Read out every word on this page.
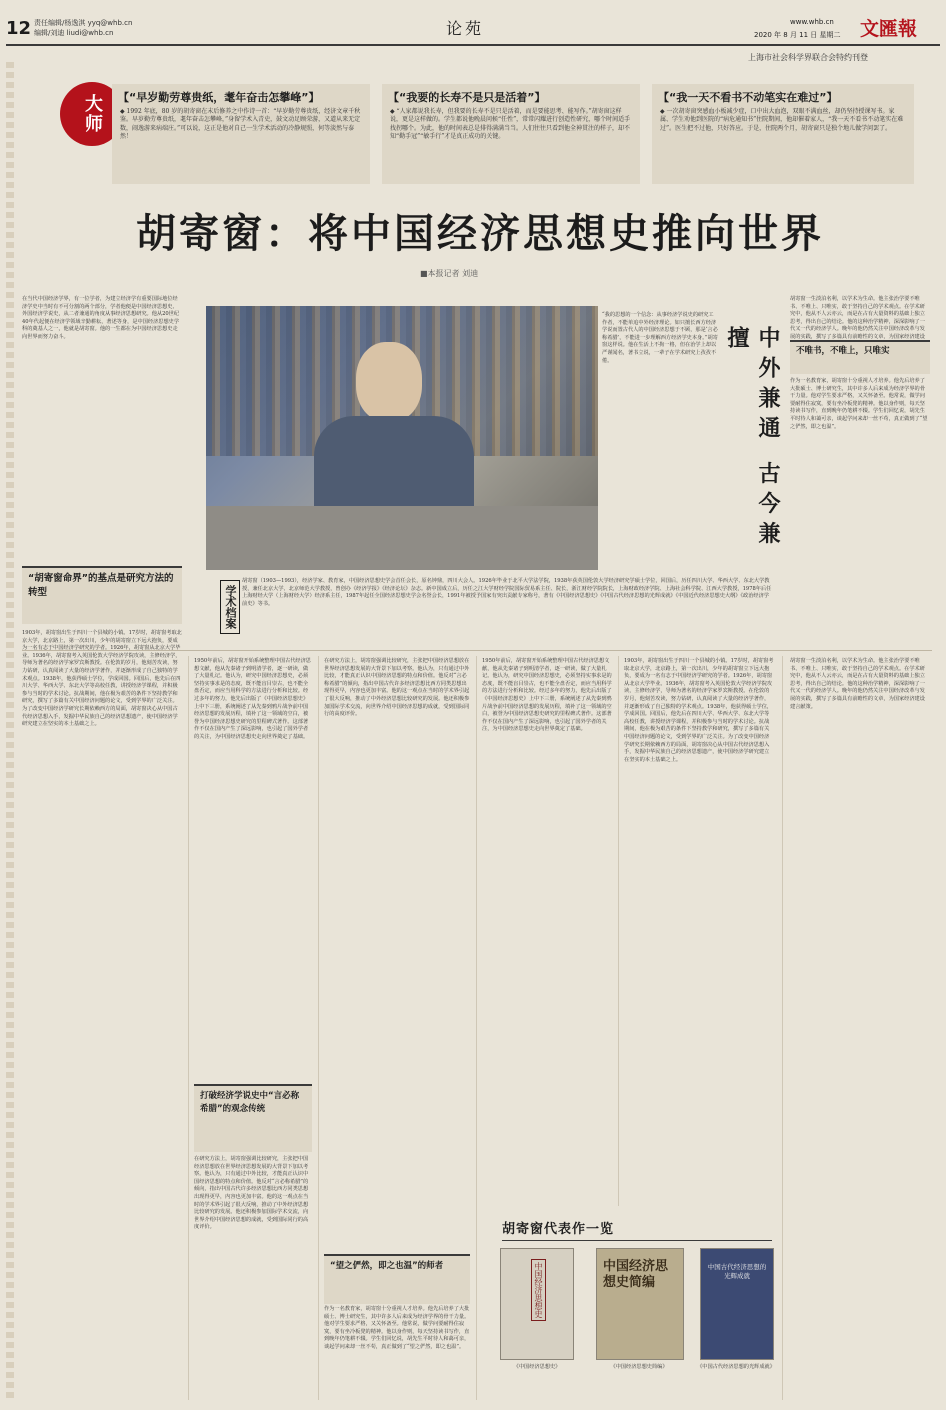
12 责任编辑/杨逸淇 yyq@whb.cn
编辑/刘迪 liudi@whb.cn	论苑	www.whb.cn
2020 年 8 月 11 日 星期二 文匯報
上海市社会科学界联合会特约刊登
大师	【“早岁勤劳尊贵纸，耄年奋击怎攀峰”】
◆ 1992 年底，80 岁的胡寄窗在末后修养之中作诗一首：“早岁勤劳尊贵纸，经济文章千秋鉴。早岁勤劳尊贵纸，耄年奋击怎攀峰，”身留学术入青史，鼓文动足顾荣游，又道从来无定数，闹逸游来病端庄。”可以说，这正是他对自己一生学术活动的冷静规照，何等淡然与泰然！
【“我要的长寿不是只是活着”】
◆ “人家都说我长寿，但我要的长寿不是只是活着，而是要能思考、能写作。”胡寄窗这样说，更是这样做的。学生都说他晚晨问候“任性”，常常闪耀进行创造性研究，哪个时间适手找拐哪个。为此，他的时间表总是排得满满当当。人们往往只看到他全神贯注的样子，却不知“勤手冠”“敏手行”才是真正成功的关键。
【“我一天不看书不动笔实在难过”】
◆ 一次胡寄窗突感血小板减少症，口中出大血泡，双眼不满血丝，却仍坚持授课写书。家属、学生劝他到医院的“病危通知书”住院期间，他却催着家人，“我一天不看书不动笔实在难过”。医生把不过他，只好答应。于是，住院两个月，胡寄窗只是独个地儿做学问罢了。
胡寄窗：将中国经济思想史推向世界
■本报记者 刘迪
在当代中国经济学界，有一位学者，为建立经济学有重要国际地位经济学史中当时有不可分割的两个部分，学者他便是中国经济思想史、外国经济学说史，从二者兼通的角度从事经济思想研究。他从20世纪40年代起便在经济学领域辛勤耕耘，著述等身，是中国经济思想史学科的奠基人之一，他就是胡寄窗。他的一生都在为中国经济思想史走向世界而努力奋斗。
“胡寄窗命界”的基点是研究方法的转型
“我的思想的一个信念：从事经济学说史的研究工作者，不能单追中外经济理论。如只擅长西方经济学说而置古代人的中国经济思想于不顾，那是‘言必称希腊’，不能进一步理解西方经济学史本身。”胡寄窗这样说。他在生活上不拘一格，但在治学上却以严谨闻名，著书立说，一辈子在学术研究上孜孜不倦。	中外兼通 古今兼擅
学术档案
胡寄窗（1903—1993），经济学家、教育家，中国经济思想史学会首任会长，原名钟鼎，四川大会人。1926年毕业于北平大学法学院，1938年获英国伦敦大学经济研究学硕士学位，回国后，历任四川大学、华西大学、东北大学教授，兼任北京大学、北京师范大学教授，曾创办《经济学报》《经济论坛》杂志。新中国成立后，历任之江大学财经学院国际贸易系主任、院长，浙江财经学院院长，上海财政经济学院、上海社会科学院、江西大学教授，1978年后任上海财经大学（上海财经大学）经济系主任，1987年起任全国经济思想史学会名誉会长，1991年被授予国家有突出贡献专家称号，著有《中国经济思想史》《中国古代经济思想的光辉成就》《中国近代经济思想史大纲》《政治经济学前史》等书。
胡寄窗一生淡泊名利，以学术为生命。他主张治学要不唯书、不唯上、只唯实，敢于坚持自己的学术观点。在学术研究中，他从不人云亦云，而是在占有大量资料的基础上独立思考，得出自己的结论。他的这种治学精神，深深影响了一代又一代的经济学人。晚年的他仍然关注中国经济改革与发展的实践，撰写了多篇具有前瞻性的文章，为国家经济建设
不唯书，不唯上，只唯实
作为一名教育家，胡寄窗十分重视人才培养。他先后培养了大批硕士、博士研究生，其中许多人后来成为经济学界的骨干力量。他对学生要求严格，又关怀备至。他常说，做学问要耐得住寂寞，要有坐冷板凳的精神。他以身作则，每天坚持读书写作，直到晚年仍笔耕不辍。学生们回忆说，胡先生平时待人和蔼可亲，谈起学问来却一丝不苟，真正做到了“望之俨然，即之也温”。
1903年，胡寄窗出生于四川一个县城的小镇。17岁时，胡寄窗考取北京大学，北京路上，第一次出川，少年的胡寄窗立下远大抱负，要成为一名有志于中国经济学研究的学者。1926年，胡寄窗从北京大学毕业。1936年，胡寄窗考入英国伦敦大学经济学院攻读，主修经济学，导师为著名的经济学家罗宾斯教授。在伦敦的岁月，他刻苦攻读，努力钻研，认真阅读了大量的经济学著作，并逐渐形成了自己独特的学术观点。1938年，他获得硕士学位，学成回国。回国后，他先后在四川大学、华西大学、东北大学等高校任教，讲授经济学课程，并积极参与当时的学术讨论。抗战期间，他在极为艰苦的条件下坚持教学和研究，撰写了多篇有关中国经济问题的论文，受到学界的广泛关注。为了改变中国经济学研究长期依赖西方的局面，胡寄窗决心从中国古代经济思想入手，发掘中华民族自己的经济思想遗产，使中国经济学研究建立在坚实的本土基础之上。
1950年前后，胡寄窗开始系统整理中国古代经济思想文献，他从先秦诸子到明清学者，逐一研读，做了大量札记。他认为，研究中国经济思想史，必须坚持实事求是的态度，既不能盲目崇古，也不能全盘否定，而应当用科学的方法进行分析和比较。经过多年的努力，他先后出版了《中国经济思想史》上中下三册，系统阐述了从先秦到鸦片战争前中国经济思想的发展历程，填补了这一领域的空白，被誉为中国经济思想史研究的里程碑式著作。这部著作不仅在国内产生了深远影响，也引起了国外学者的关注，为中国经济思想史走向世界奠定了基础。
打破经济学说史中“言必称希腊”的观念传统
在研究方法上，胡寄窗强调比较研究，主张把中国经济思想放在世界经济思想发展的大背景下加以考察。他认为，只有通过中外比较，才能真正认识中国经济思想的特点和价值。他反对“言必称希腊”的倾向，指出中国古代许多经济思想比西方同类思想出现得更早，内容也更加丰富。他的这一观点在当时的学术界引起了很大反响，推动了中外经济思想比较研究的发展。他还积极参加国际学术交流，向世界介绍中国经济思想的成就，受到国际同行的高度评价。
在研究方法上，胡寄窗强调比较研究，主张把中国经济思想放在世界经济思想发展的大背景下加以考察。他认为，只有通过中外比较，才能真正认识中国经济思想的特点和价值。他反对“言必称希腊”的倾向，指出中国古代许多经济思想比西方同类思想出现得更早，内容也更加丰富。他的这一观点在当时的学术界引起了很大反响，推动了中外经济思想比较研究的发展。他还积极参加国际学术交流，向世界介绍中国经济思想的成就，受到国际同行的高度评价。
“望之俨然，即之也温”的师者
作为一名教育家，胡寄窗十分重视人才培养。他先后培养了大批硕士、博士研究生，其中许多人后来成为经济学界的骨干力量。他对学生要求严格，又关怀备至。他常说，做学问要耐得住寂寞，要有坐冷板凳的精神。他以身作则，每天坚持读书写作，直到晚年仍笔耕不辍。学生们回忆说，胡先生平时待人和蔼可亲，谈起学问来却一丝不苟，真正做到了“望之俨然，即之也温”。
1950年前后，胡寄窗开始系统整理中国古代经济思想文献，他从先秦诸子到明清学者，逐一研读，做了大量札记。他认为，研究中国经济思想史，必须坚持实事求是的态度，既不能盲目崇古，也不能全盘否定，而应当用科学的方法进行分析和比较。经过多年的努力，他先后出版了《中国经济思想史》上中下三册，系统阐述了从先秦到鸦片战争前中国经济思想的发展历程，填补了这一领域的空白，被誉为中国经济思想史研究的里程碑式著作。这部著作不仅在国内产生了深远影响，也引起了国外学者的关注，为中国经济思想史走向世界奠定了基础。
1903年，胡寄窗出生于四川一个县城的小镇。17岁时，胡寄窗考取北京大学，北京路上，第一次出川，少年的胡寄窗立下远大抱负，要成为一名有志于中国经济学研究的学者。1926年，胡寄窗从北京大学毕业。1936年，胡寄窗考入英国伦敦大学经济学院攻读，主修经济学，导师为著名的经济学家罗宾斯教授。在伦敦的岁月，他刻苦攻读，努力钻研，认真阅读了大量的经济学著作，并逐渐形成了自己独特的学术观点。1938年，他获得硕士学位，学成回国。回国后，他先后在四川大学、华西大学、东北大学等高校任教，讲授经济学课程，并积极参与当时的学术讨论。抗战期间，他在极为艰苦的条件下坚持教学和研究，撰写了多篇有关中国经济问题的论文，受到学界的广泛关注。为了改变中国经济学研究长期依赖西方的局面，胡寄窗决心从中国古代经济思想入手，发掘中华民族自己的经济思想遗产，使中国经济学研究建立在坚实的本土基础之上。
胡寄窗一生淡泊名利，以学术为生命。他主张治学要不唯书、不唯上、只唯实，敢于坚持自己的学术观点。在学术研究中，他从不人云亦云，而是在占有大量资料的基础上独立思考，得出自己的结论。他的这种治学精神，深深影响了一代又一代的经济学人。晚年的他仍然关注中国经济改革与发展的实践，撰写了多篇具有前瞻性的文章，为国家经济建设建言献策。
胡寄窗代表作一览
中国经济思想史
《中国经济思想史》
中国经济思想史简编
《中国经济思想史简编》
中国古代经济思想的光辉成就
《中国古代经济思想的光辉成就》
